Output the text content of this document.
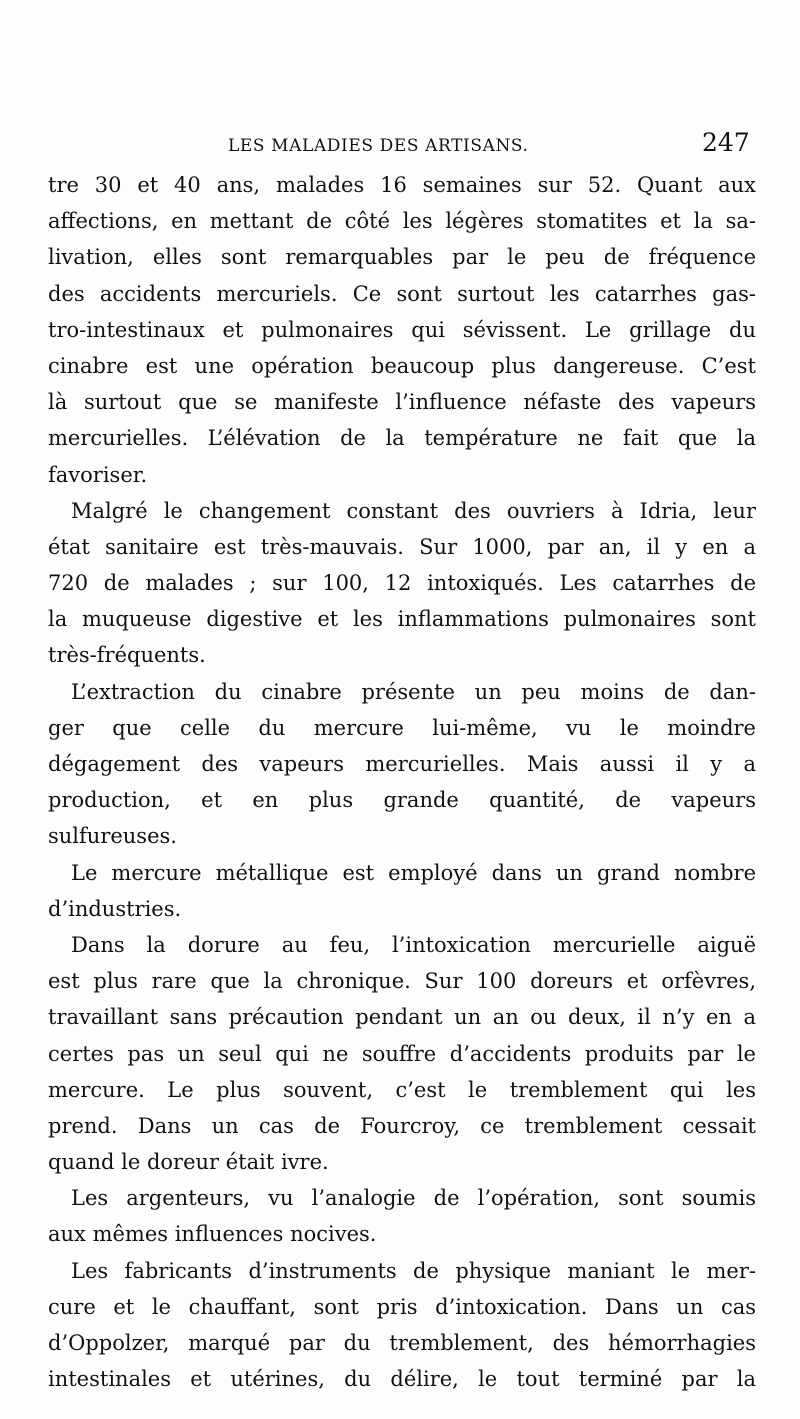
LES MALADIES DES ARTISANS.	247
tre 30 et 40 ans, malades 16 semaines sur 52. Quant aux
affections, en mettant de côté les légères stomatites et la sa-
livation, elles sont remarquables par le peu de fréquence
des accidents mercuriels. Ce sont surtout les catarrhes gas-
tro-intestinaux et pulmonaires qui sévissent. Le grillage du
cinabre est une opération beaucoup plus dangereuse. C’est
là surtout que se manifeste l’influence néfaste des vapeurs
mercurielles. L’élévation de la température ne fait que la
favoriser.
Malgré le changement constant des ouvriers à Idria, leur
état sanitaire est très-mauvais. Sur 1000, par an, il y en a
720 de malades ; sur 100, 12 intoxiqués. Les catarrhes de
la muqueuse digestive et les inflammations pulmonaires sont
très-fréquents.
L’extraction du cinabre présente un peu moins de dan-
ger que celle du mercure lui-même, vu le moindre
dégagement des vapeurs mercurielles. Mais aussi il y a
production, et en plus grande quantité, de vapeurs
sulfureuses.
Le mercure métallique est employé dans un grand nombre
d’industries.
Dans la dorure au feu, l’intoxication mercurielle aiguë
est plus rare que la chronique. Sur 100 doreurs et orfèvres,
travaillant sans précaution pendant un an ou deux, il n’y en a
certes pas un seul qui ne souffre d’accidents produits par le
mercure. Le plus souvent, c’est le tremblement qui les
prend. Dans un cas de Fourcroy, ce tremblement cessait
quand le doreur était ivre.
Les argenteurs, vu l’analogie de l’opération, sont soumis
aux mêmes influences nocives.
Les fabricants d’instruments de physique maniant le mer-
cure et le chauffant, sont pris d’intoxication. Dans un cas
d’Oppolzer, marqué par du tremblement, des hémorrhagies
intestinales et utérines, du délire, le tout terminé par la
